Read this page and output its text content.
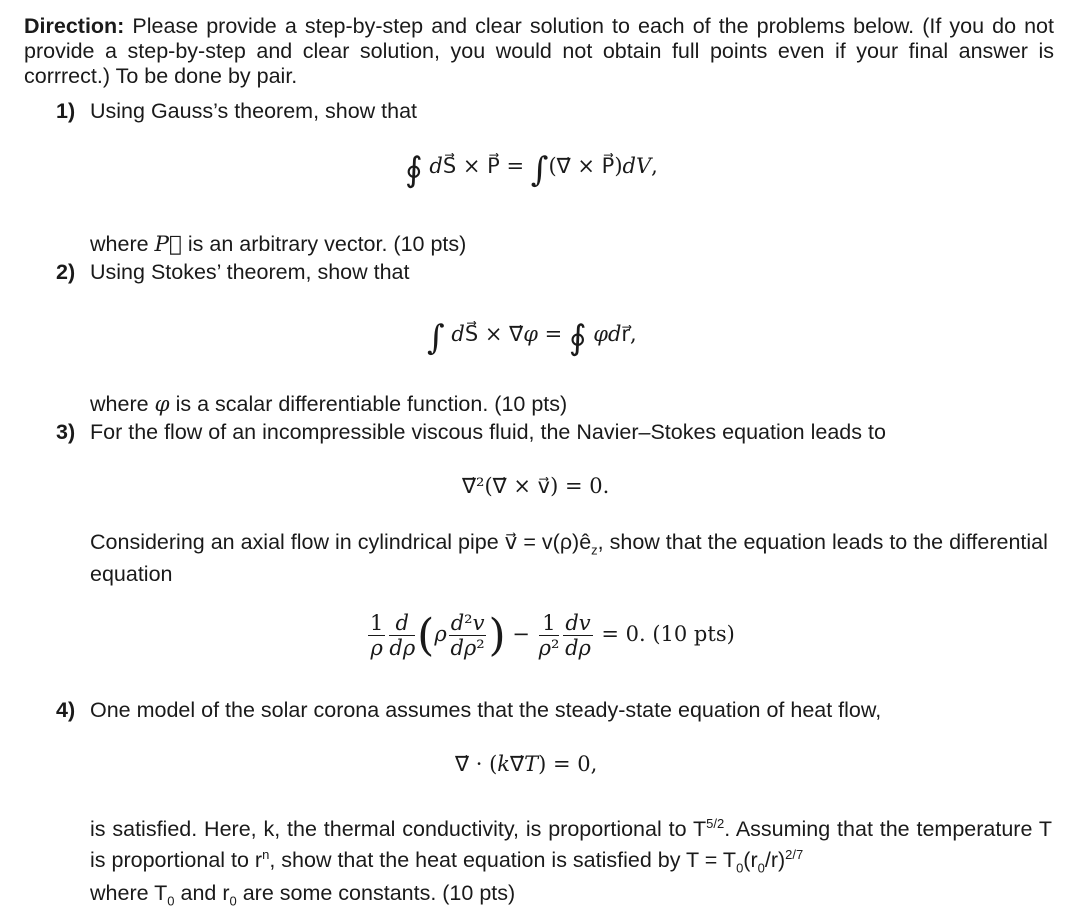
Direction: Please provide a step-by-step and clear solution to each of the problems below. (If you do not provide a step-by-step and clear solution, you would not obtain full points even if your final answer is corrrect.) To be done by pair.
1) Using Gauss’s theorem, show that
∮ dS⃗ × P⃗ = ∫(∇⃗ × P⃗)dV,
where P⃗ is an arbitrary vector. (10 pts)
2) Using Stokes’ theorem, show that
∫ dS⃗ × ∇⃗φ = ∮ φdr⃗,
where φ is a scalar differentiable function. (10 pts)
3) For the flow of an incompressible viscous fluid, the Navier–Stokes equation leads to
∇⃗²(∇⃗ × v⃗) = 0.
Considering an axial flow in cylindrical pipe v⃗ = $v(\rho)ê_z$, show that the equation leads to the differential equation
$\frac{1}{\rho} \frac{d}{d\rho} (\rho \frac{\text{d²v}}{\text{dρ²}}$ ) − $\frac{1}{\text{ρ²}} \frac{dv}{d\rho} = 0$. (10 pts)
4) One model of the solar corona assumes that the steady-state equation of heat flow,
∇⃗ · (k∇⃗T) = 0,
is satisfied. Here, k, the thermal conductivity, is proportional to $T^{5/2}$. Assuming that the temperature T is proportional to $r^n$, show that the heat equation is satisfied by $T = T_0(r_0/r)^{2/7}$
where $T_0$ and $r_0$ are some constants. (10 pts)
